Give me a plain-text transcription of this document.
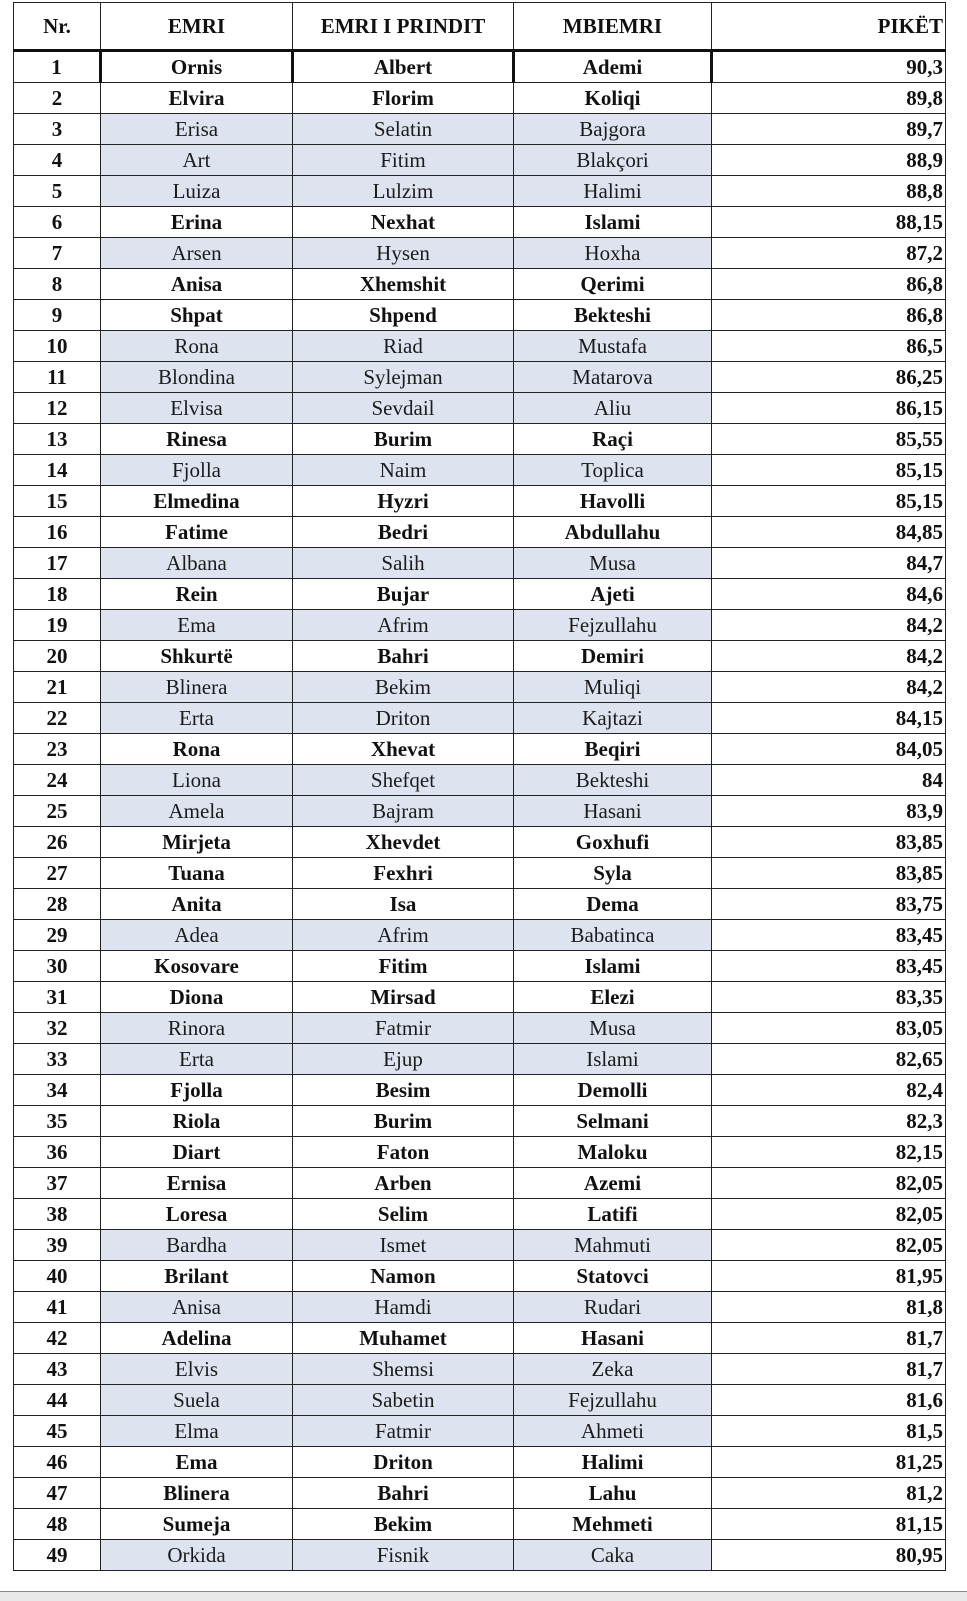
Nr.	EMRI	EMRI I PRINDIT	MBIEMRI	PIKËT
1	Ornis	Albert	Ademi	90,3
2	Elvira	Florim	Koliqi	89,8
3	Erisa	Selatin	Bajgora	89,7
4	Art	Fitim	Blakçori	88,9
5	Luiza	Lulzim	Halimi	88,8
6	Erina	Nexhat	Islami	88,15
7	Arsen	Hysen	Hoxha	87,2
8	Anisa	Xhemshit	Qerimi	86,8
9	Shpat	Shpend	Bekteshi	86,8
10	Rona	Riad	Mustafa	86,5
11	Blondina	Sylejman	Matarova	86,25
12	Elvisa	Sevdail	Aliu	86,15
13	Rinesa	Burim	Raçi	85,55
14	Fjolla	Naim	Toplica	85,15
15	Elmedina	Hyzri	Havolli	85,15
16	Fatime	Bedri	Abdullahu	84,85
17	Albana	Salih	Musa	84,7
18	Rein	Bujar	Ajeti	84,6
19	Ema	Afrim	Fejzullahu	84,2
20	Shkurtë	Bahri	Demiri	84,2
21	Blinera	Bekim	Muliqi	84,2
22	Erta	Driton	Kajtazi	84,15
23	Rona	Xhevat	Beqiri	84,05
24	Liona	Shefqet	Bekteshi	84
25	Amela	Bajram	Hasani	83,9
26	Mirjeta	Xhevdet	Goxhufi	83,85
27	Tuana	Fexhri	Syla	83,85
28	Anita	Isa	Dema	83,75
29	Adea	Afrim	Babatinca	83,45
30	Kosovare	Fitim	Islami	83,45
31	Diona	Mirsad	Elezi	83,35
32	Rinora	Fatmir	Musa	83,05
33	Erta	Ejup	Islami	82,65
34	Fjolla	Besim	Demolli	82,4
35	Riola	Burim	Selmani	82,3
36	Diart	Faton	Maloku	82,15
37	Ernisa	Arben	Azemi	82,05
38	Loresa	Selim	Latifi	82,05
39	Bardha	Ismet	Mahmuti	82,05
40	Brilant	Namon	Statovci	81,95
41	Anisa	Hamdi	Rudari	81,8
42	Adelina	Muhamet	Hasani	81,7
43	Elvis	Shemsi	Zeka	81,7
44	Suela	Sabetin	Fejzullahu	81,6
45	Elma	Fatmir	Ahmeti	81,5
46	Ema	Driton	Halimi	81,25
47	Blinera	Bahri	Lahu	81,2
48	Sumeja	Bekim	Mehmeti	81,15
49	Orkida	Fisnik	Caka	80,95
